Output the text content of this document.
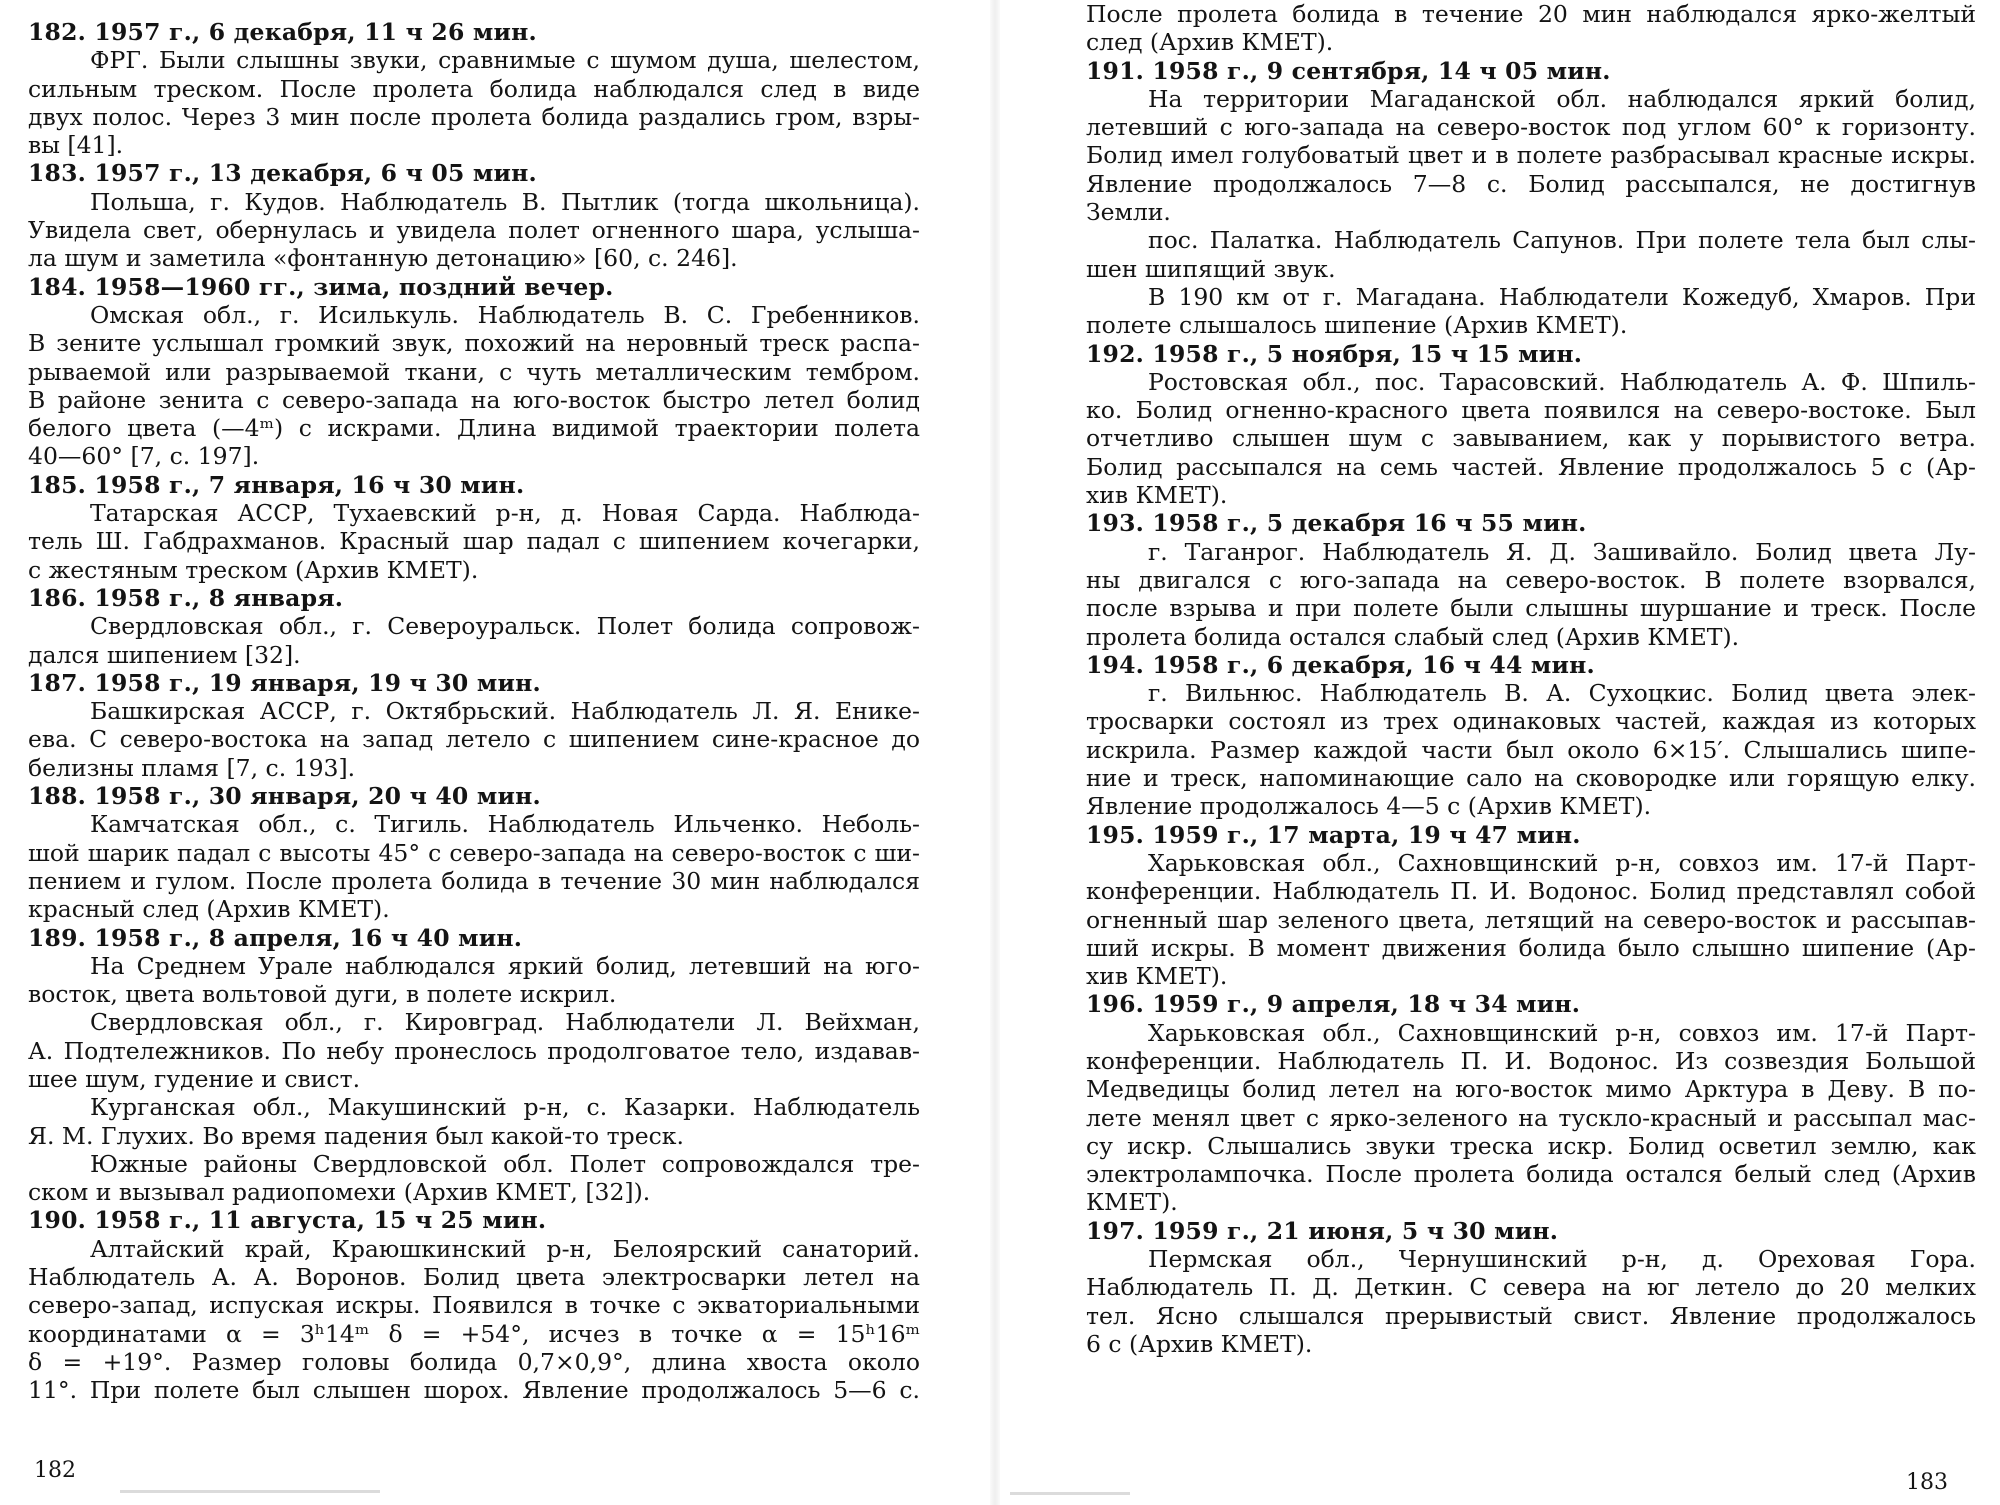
182. 1957 г., 6 декабря, 11 ч 26 мин.
ФРГ. Были слышны звуки, сравнимые с шумом душа, шелестом,
сильным треском. После пролета болида наблюдался след в виде
двух полос. Через 3 мин после пролета болида раздались гром, взры-
вы [41].
183. 1957 г., 13 декабря, 6 ч 05 мин.
Польша, г. Кудов. Наблюдатель В. Пытлик (тогда школьница).
Увидела свет, обернулась и увидела полет огненного шара, услыша-
ла шум и заметила «фонтанную детонацию» [60, с. 246].
184. 1958—1960 гг., зима, поздний вечер.
Омская обл., г. Исилькуль. Наблюдатель В. С. Гребенников.
В зените услышал громкий звук, похожий на неровный треск распа-
рываемой или разрываемой ткани, с чуть металлическим тембром.
В районе зенита с северо-запада на юго-восток быстро летел болид
белого цвета (—4ᵐ) с искрами. Длина видимой траектории полета
40—60° [7, с. 197].
185. 1958 г., 7 января, 16 ч 30 мин.
Татарская АССР, Тухаевский р-н, д. Новая Сарда. Наблюда-
тель Ш. Габдрахманов. Красный шар падал с шипением кочегарки,
с жестяным треском (Архив КМЕТ).
186. 1958 г., 8 января.
Свердловская обл., г. Североуральск. Полет болида сопровож-
дался шипением [32].
187. 1958 г., 19 января, 19 ч 30 мин.
Башкирская АССР, г. Октябрьский. Наблюдатель Л. Я. Енике-
ева. С северо-востока на запад летело с шипением сине-красное до
белизны пламя [7, с. 193].
188. 1958 г., 30 января, 20 ч 40 мин.
Камчатская обл., с. Тигиль. Наблюдатель Ильченко. Неболь-
шой шарик падал с высоты 45° с северо-запада на северо-восток с ши-
пением и гулом. После пролета болида в течение 30 мин наблюдался
красный след (Архив КМЕТ).
189. 1958 г., 8 апреля, 16 ч 40 мин.
На Среднем Урале наблюдался яркий болид, летевший на юго-
восток, цвета вольтовой дуги, в полете искрил.
Свердловская обл., г. Кировград. Наблюдатели Л. Вейхман,
А. Подтележников. По небу пронеслось продолговатое тело, издавав-
шее шум, гудение и свист.
Курганская обл., Макушинский р-н, с. Казарки. Наблюдатель
Я. М. Глухих. Во время падения был какой-то треск.
Южные районы Свердловской обл. Полет сопровождался тре-
ском и вызывал радиопомехи (Архив КМЕТ, [32]).
190. 1958 г., 11 августа, 15 ч 25 мин.
Алтайский край, Краюшкинский р-н, Белоярский санаторий.
Наблюдатель А. А. Воронов. Болид цвета электросварки летел на
северо-запад, испуская искры. Появился в точке с экваториальными
координатами α = 3ʰ14ᵐ δ = +54°, исчез в точке α = 15ʰ16ᵐ
δ = +19°. Размер головы болида 0,7×0,9°, длина хвоста около
11°. При полете был слышен шорох. Явление продолжалось 5—6 с.
182
После пролета болида в течение 20 мин наблюдался ярко-желтый
след (Архив КМЕТ).
191. 1958 г., 9 сентября, 14 ч 05 мин.
На территории Магаданской обл. наблюдался яркий болид,
летевший с юго-запада на северо-восток под углом 60° к горизонту.
Болид имел голубоватый цвет и в полете разбрасывал красные искры.
Явление продолжалось 7—8 с. Болид рассыпался, не достигнув
Земли.
пос. Палатка. Наблюдатель Сапунов. При полете тела был слы-
шен шипящий звук.
В 190 км от г. Магадана. Наблюдатели Кожедуб, Хмаров. При
полете слышалось шипение (Архив КМЕТ).
192. 1958 г., 5 ноября, 15 ч 15 мин.
Ростовская обл., пос. Тарасовский. Наблюдатель А. Ф. Шпиль-
ко. Болид огненно-красного цвета появился на северо-востоке. Был
отчетливо слышен шум с завыванием, как у порывистого ветра.
Болид рассыпался на семь частей. Явление продолжалось 5 с (Ар-
хив КМЕТ).
193. 1958 г., 5 декабря 16 ч 55 мин.
г. Таганрог. Наблюдатель Я. Д. Зашивайло. Болид цвета Лу-
ны двигался с юго-запада на северо-восток. В полете взорвался,
после взрыва и при полете были слышны шуршание и треск. После
пролета болида остался слабый след (Архив КМЕТ).
194. 1958 г., 6 декабря, 16 ч 44 мин.
г. Вильнюс. Наблюдатель В. А. Сухоцкис. Болид цвета элек-
тросварки состоял из трех одинаковых частей, каждая из которых
искрила. Размер каждой части был около 6×15′. Слышались шипе-
ние и треск, напоминающие сало на сковородке или горящую елку.
Явление продолжалось 4—5 с (Архив КМЕТ).
195. 1959 г., 17 марта, 19 ч 47 мин.
Харьковская обл., Сахновщинский р-н, совхоз им. 17-й Парт-
конференции. Наблюдатель П. И. Водонос. Болид представлял собой
огненный шар зеленого цвета, летящий на северо-восток и рассыпав-
ший искры. В момент движения болида было слышно шипение (Ар-
хив КМЕТ).
196. 1959 г., 9 апреля, 18 ч 34 мин.
Харьковская обл., Сахновщинский р-н, совхоз им. 17-й Парт-
конференции. Наблюдатель П. И. Водонос. Из созвездия Большой
Медведицы болид летел на юго-восток мимо Арктура в Деву. В по-
лете менял цвет с ярко-зеленого на тускло-красный и рассыпал мас-
су искр. Слышались звуки треска искр. Болид осветил землю, как
электролампочка. После пролета болида остался белый след (Архив
КМЕТ).
197. 1959 г., 21 июня, 5 ч 30 мин.
Пермская обл., Чернушинский р-н, д. Ореховая Гора.
Наблюдатель П. Д. Деткин. С севера на юг летело до 20 мелких
тел. Ясно слышался прерывистый свист. Явление продолжалось
6 с (Архив КМЕТ).
183
